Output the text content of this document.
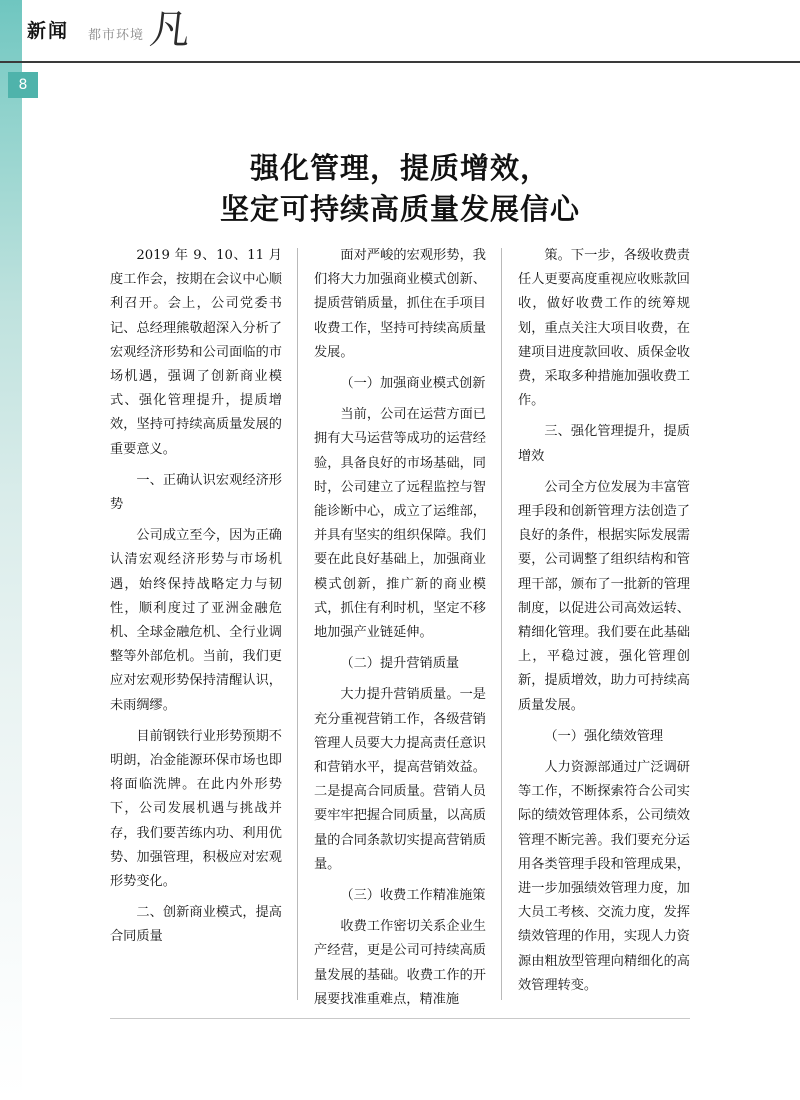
新闻 都市环境 凡
8
强化管理，提质增效，
坚定可持续高质量发展信心

2019 年 9、10、11 月度工作会，按期在会议中心顺利召开。会上，公司党委书记、总经理熊敬超深入分析了宏观经济形势和公司面临的市场机遇，强调了创新商业模式、强化管理提升，提质增效，坚持可持续高质量发展的重要意义。

一、正确认识宏观经济形势

公司成立至今，因为正确认清宏观经济形势与市场机遇，始终保持战略定力与韧性，顺利度过了亚洲金融危机、全球金融危机、全行业调整等外部危机。当前，我们更应对宏观形势保持清醒认识，未雨绸缪。

目前钢铁行业形势预期不明朗，冶金能源环保市场也即将面临洗牌。在此内外形势下，公司发展机遇与挑战并存，我们要苦练内功、利用优势、加强管理，积极应对宏观形势变化。

二、创新商业模式，提高合同质量

面对严峻的宏观形势，我们将大力加强商业模式创新、提质营销质量，抓住在手项目收费工作，坚持可持续高质量发展。

（一）加强商业模式创新

当前，公司在运营方面已拥有大马运营等成功的运营经验，具备良好的市场基础，同时，公司建立了远程监控与智能诊断中心，成立了运维部，并具有坚实的组织保障。我们要在此良好基础上，加强商业模式创新，推广新的商业模式，抓住有利时机，坚定不移地加强产业链延伸。

（二）提升营销质量

大力提升营销质量。一是充分重视营销工作，各级营销管理人员要大力提高责任意识和营销水平，提高营销效益。二是提高合同质量。营销人员要牢牢把握合同质量，以高质量的合同条款切实提高营销质量。

（三）收费工作精准施策

收费工作密切关系企业生产经营，更是公司可持续高质量发展的基础。收费工作的开展要找准重难点，精准施

策。下一步，各级收费责任人更要高度重视应收账款回收，做好收费工作的统筹规划，重点关注大项目收费，在建项目进度款回收、质保金收费，采取多种措施加强收费工作。

三、强化管理提升，提质增效

公司全方位发展为丰富管理手段和创新管理方法创造了良好的条件，根据实际发展需要，公司调整了组织结构和管理干部，颁布了一批新的管理制度，以促进公司高效运转、精细化管理。我们要在此基础上，平稳过渡，强化管理创新，提质增效，助力可持续高质量发展。

（一）强化绩效管理

人力资源部通过广泛调研等工作，不断探索符合公司实际的绩效管理体系，公司绩效管理不断完善。我们要充分运用各类管理手段和管理成果，进一步加强绩效管理力度，加大员工考核、交流力度，发挥绩效管理的作用，实现人力资源由粗放型管理向精细化的高效管理转变。
